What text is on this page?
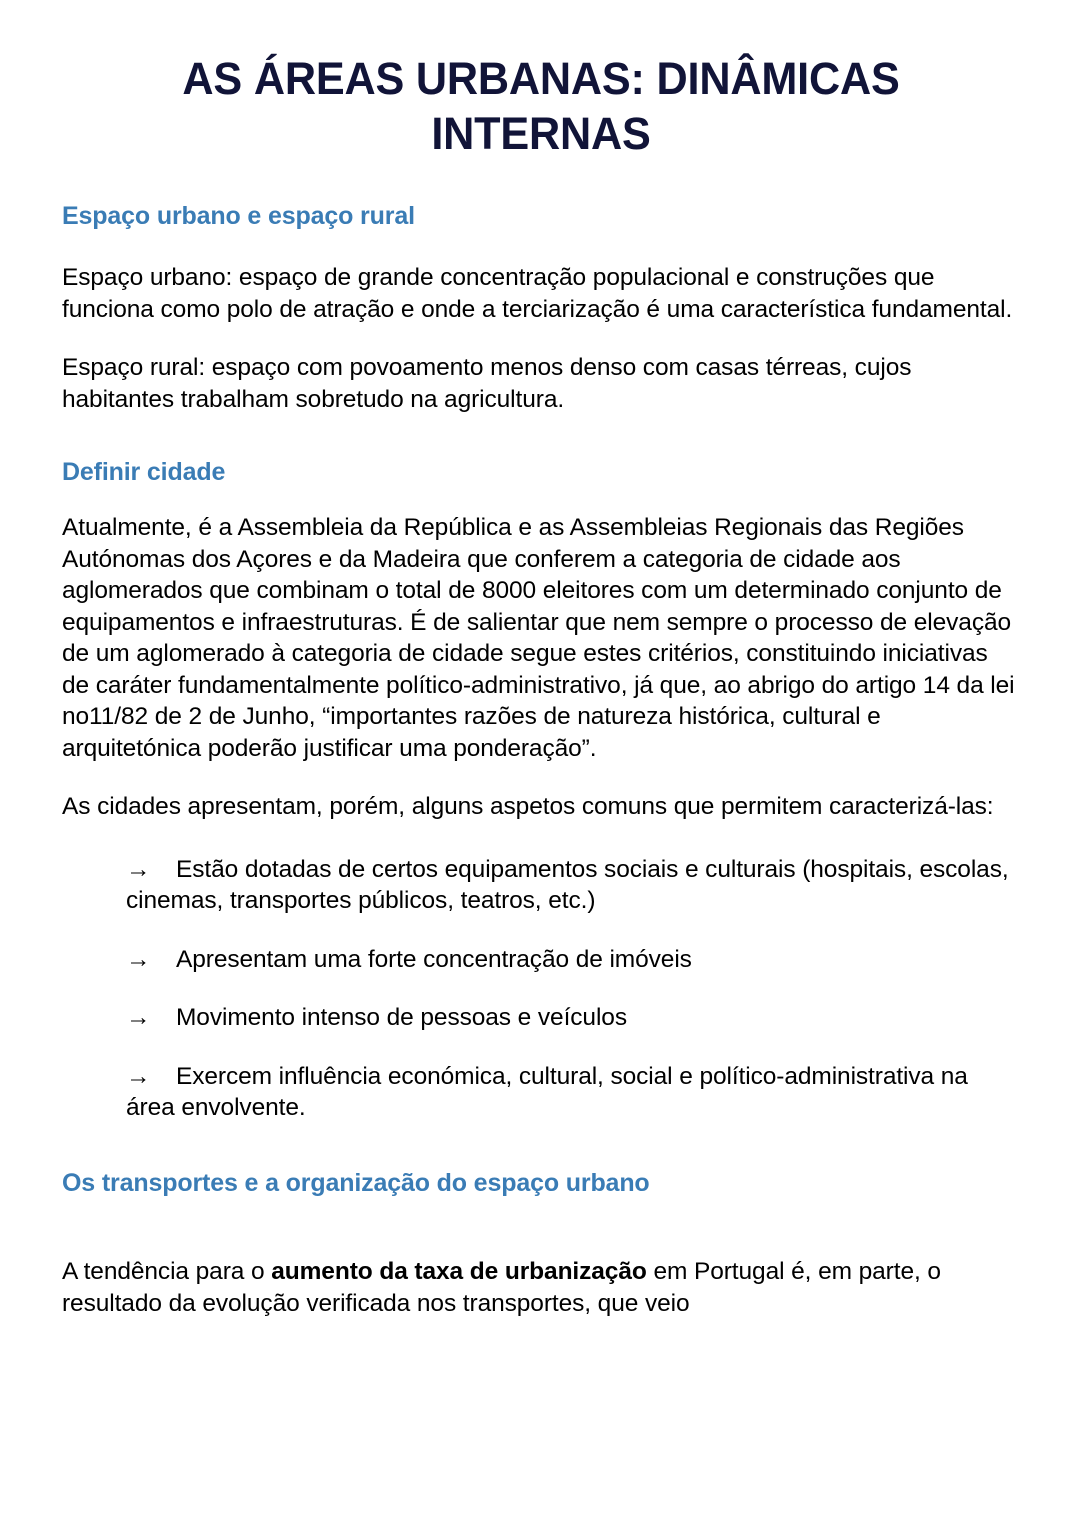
AS ÁREAS URBANAS: DINÂMICAS
INTERNAS
Espaço urbano e espaço rural

Espaço urbano: espaço de grande concentração populacional e construções que funciona como polo de atração e onde a terciarização é uma característica fundamental.

Espaço rural: espaço com povoamento menos denso com casas térreas, cujos habitantes trabalham sobretudo na agricultura.

Definir cidade

Atualmente, é a Assembleia da República e as Assembleias Regionais das Regiões Autónomas dos Açores e da Madeira que conferem a categoria de cidade aos aglomerados que combinam o total de 8000 eleitores com um determinado conjunto de equipamentos e infraestruturas. É de salientar que nem sempre o processo de elevação de um aglomerado à categoria de cidade segue estes critérios, constituindo iniciativas de caráter fundamentalmente político-administrativo, já que, ao abrigo do artigo 14 da lei no11/82 de 2 de Junho, “importantes razões de natureza histórica, cultural e arquitetónica poderão justificar uma ponderação”.

As cidades apresentam, porém, alguns aspetos comuns que permitem caracterizá-las:

→	Estão dotadas de certos equipamentos sociais e culturais (hospitais, escolas, cinemas, transportes públicos, teatros, etc.)
→	Apresentam uma forte concentração de imóveis
→	Movimento intenso de pessoas e veículos
→	Exercem influência económica, cultural, social e político-administrativa na área envolvente.
Os transportes e a organização do espaço urbano

A tendência para o aumento da taxa de urbanização em Portugal é, em parte, o resultado da evolução verificada nos transportes, que veio
